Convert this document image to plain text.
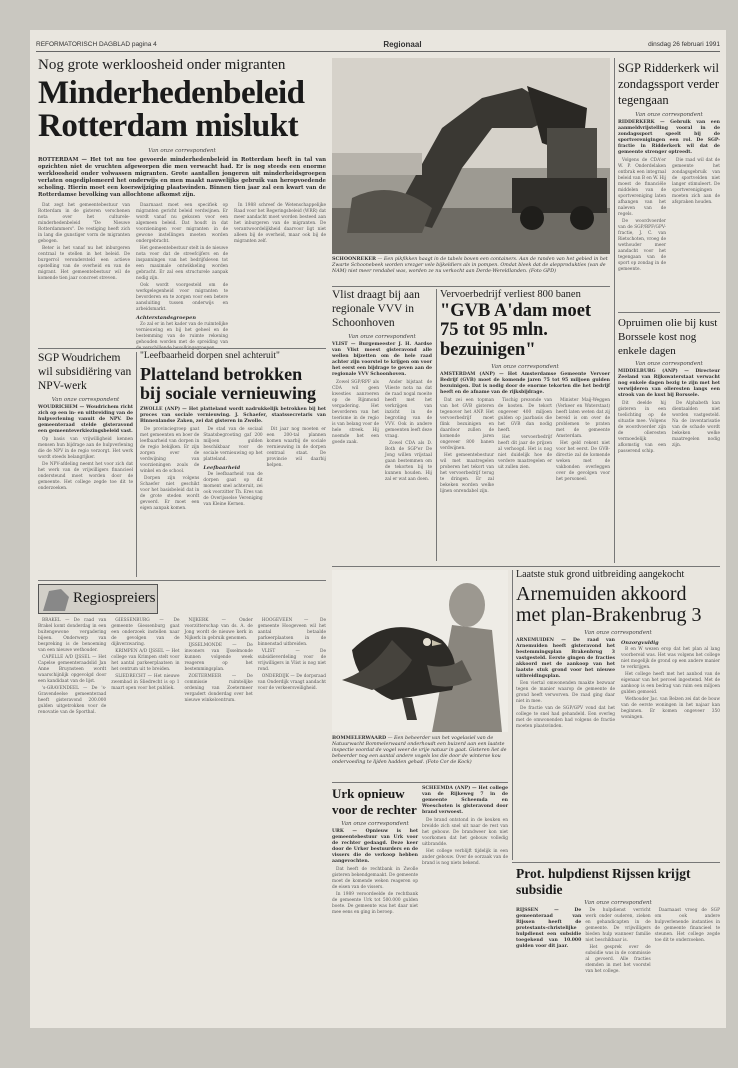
REFORMATORISCH DAGBLAD pagina 4	Regionaal	dinsdag 26 februari 1991
Nog grote werkloosheid onder migranten
Minderhedenbeleid
Rotterdam mislukt
Van onze correspondent
ROTTERDAM — Het tot nu toe gevoerde minderhedenbeleid in Rotterdam heeft in tal van opzichten niet de vruchten afgeworpen die men verwacht had. Er is nog steeds een enorme werkloosheid onder volwassen migranten. Grote aantallen jongeren uit minderheidsgroepen verlaten ongediplomeerd het onderwijs en men maakt nauwelijks gebruik van heropvoedende scholing. Hierin moet een koerswijziging plaatsvinden. Binnen tien jaar zal een kwart van de Rotterdamse bevolking van allochtone afkomst zijn.

Dat zegt het gemeentebestuur van Rotterdam in de gisteren verschenen nota over het culturele-minderhedenbeleid "De Nieuwe Rotterdammers". De vestiging heeft zich in lang die gunstiger vorm de migranten gebogen.

Beter is het vanaf nu het inburgeren centraal te stellen in het beleid. De burgerrol verondersteld een actieve opstelling van de overheid en van de migrant. Het gemeentebestuur wil de komende tien jaar concreet streven.

Daarnaast moet een specifiek op migranten gericht beleid verdwijnen. Er wordt vanaf nu gekozen voor een algemeen beleid. Dat houdt in dat voorzieningen voor migranten in de gewone instellingen moeten worden ondergebracht.

Het gemeentebestuur stelt in de nieuwe nota voor dat de streefcijfers en de inspanningen van het bedrijfsleven tot een maximale ontwikkeling worden gebracht. Er zal een structurele aanpak nodig zijn.

Ook wordt voorgesteld om de werkgelegenheid voor migranten te bevorderen en te zorgen voor een betere aansluiting tussen onderwijs en arbeidsmarkt.

Achterstandsgroepen

Zo zal er in het kader van de ruimtelijke vernieuwing en bij het geheel en de bestemming van de ruimte rekening gehouden worden met de spreiding van

In 1988 schreef de Wetenschappelijke Raad voor het Regeringsbeleid (WRR) dat meer aandacht moet worden besteed aan het inburgeren van de migranten. De verantwoordelijkheid daarvoor ligt niet alleen bij de overheid, maar ook bij de migranten zelf.

SCHOONREKER — Een pikfikken haagt in de tabels boven een containers. Aan de randen van het gebied in het Zwarte Schoonebeek worden vrezger vele bijkeldiers als in pompen. Omdat bleek dat de alepprodukties (van de NAM) niet meer rendabel was, worden ze nu verkocht aan Derde-Wereldlanden. (Foto GPD)
SGP Ridderkerk wil zondagssport verder tegengaan
Van onze correspondent
RIDDERKERK — Gebruik van een aanmeldvrijstelling vooral in de zondagssport speelt bij de sportverenigingen een rol. De SGP-fractie in Ridderkerk wil dat de gemeente strenger optreedt.

Volgens de CDA'er W. P. Onderdelaken ontbrak een integraal beleid van B en W. Hij moest de financiële middelen van de sportvereniging laten afhangen van het naleven van de regels.

De woordvoerder van de SGP/RPF/GPV-fractie, J. C. van Rietschoten, vroeg de wethouder meer aandacht voor het tegengaan van de sport op zondag in de gemeente.

Die raad wil dat de gemeente het zondagsgebruik van de sportvelden niet langer stimuleert. De sportverenigingen moeten zich aan de afspraken houden.

Opruimen olie bij kust Borssele kost nog enkele dagen
Van onze correspondent
MIDDELBURG (ANP) — Directeur Zeeland van Rijkswaterstaat verwacht nog enkele dagen bezig te zijn met het verwijderen van olieresten langs een strook van de kust bij Borssele.

Dit deelde hij gisteren in een toelichting op de situatie mee. Volgens de woordvoerder zijn de olieresten vermoedelijk afkomstig van een passerend schip.

De Alphabeth kan dientaalden niet worden vastgesteld. Na de inventarisatie van de schade wordt bekeken welke maatregelen nodig zijn.

Vlist draagt bij aan regionale VVV in Schoonhoven
Van onze correspondent
VLIST — Burgemeester J. H. Aardse van Vlist moest gisteravond alle wellen bijzetten om de hele raad achter zijn voorstel te krijgen om voor het eerst een bijdrage te geven aan de regionale VVV Schoonhoven.

Zowel SGP/RPF als CDA wil geen kwesties aanroeren op de Rijnmond vergadering. Het bevorderen van het toerisme in de regio is van belang voor de hele streek. Hij noemde het een goede zaak.

Ander bijstaat de Vlieste nota na dat de raad nogal moeite heeft met het verkrijgen van inzicht in de begroting van de VVV. Ook in andere gemeenten leeft deze vraag.

Zowel CDA als D. Both de SGP'er De Jong willen vrijstaal gaan bestemmen om de tekorten bij te kunnen houden. Hij zal er wat aan doen.

Vervoerbedrijf verliest 800 banen
"GVB A'dam moet 75 tot 95 mln. bezuinigen"
Van onze correspondent
AMSTERDAM (ANP) — Het Amsterdamse Gemeente Vervoer Bedrijf (GVB) moet de komende jaren 75 tot 95 miljoen gulden bezuinigen. Dat is nodig door de enorme tekorten die het bedrijf heeft en de afname van de rijksbijdrage.

Dat zei een topman van het GVB gisteren tegenover het ANP. Het vervoerbedrijf moet flink bezuinigen en daardoor zullen de komende jaren ongeveer 800 banen verdwijnen.

Het gemeentebestuur wil met maatregelen proberen het tekort van het vervoerbedrijf terug te dringen. Er zal bekeken worden welke lijnen onrendabel zijn.

Tischig prezonde van de kosten. De tekort ongeveer 400 miljoen gulden op jaarbasis die het GVB dan nodig heeft.

Het vervoerbedrijf heeft dit jaar de prijzen al verhoogd. Het is nog niet duidelijk hoe de verdere maatregelen er uit zullen zien.

Minister Maij-Weggen (Verkeer en Waterstaat) heeft laten weten dat zij bereid is om over de problemen te praten met de gemeente Amsterdam.

Het geld rekent niet voor het eerst. De GVB-directie zal de komende weken met de vakbonden overleggen over de gevolgen voor het personeel.

SGP Woudrichem wil subsidiëring van NPV-werk
Van onze correspondent
WOUDRICHEM — Woudrichem richt zich op een in- en uitbreiding van de hulpverlening vanuit de NPV. De gemeenteraad stelde gisteravond een gemeenteverkiezingsbeleid vast.

Op basis van vrijwilligheid kennen mensen hun bijdrage aan de hulpverlening die de NPV in de regio verzorgt. Het werk wordt steeds belangrijker.

De NPV-afdeling neemt het voor zich dat het werk van de vrijwilligers financieel ondersteund moet worden door de gemeente. Het college zegde toe dit te onderzoeken.

"Leefbaarheid dorpen snel achteruit"
Platteland betrokken bij sociale vernieuwing
ZWOLLE (ANP) — Het platteland wordt nadrukkelijk betrokken bij het proces van sociale vernieuwing. J. Schaefer, staatssecretaris van Binnenlandse Zaken, zei dat gisteren in Zwolle.

De provinciegroep gaat met gemeenten en boer de leefbaarheid van dorpen in de regio bekijken. Er zijn zorgen over de verdwijning van voorzieningen zoals de winkel en de school.

Dorpen zijn volgens Schaefer niet geschikt voor het basisbeleid dat in de grote steden wordt gevoerd. Er moet een eigen aanpak komen.

De stad van de sociaal Staatsbegrooting gaf 200 miljoen gulden beschikbaar voor de sociale vernieuwing op het platteland.

Leefbaarheid

De leefbaarheid van de dorpen gaat op dit moment snel achteruit, zei ook voorzitter Th. Eres van de Overijsselse Vereniging van Kleine Kernen.

Dit jaar nog moeten er een 200-tal plannen komen waarbij de sociale vernieuwing in de dorpen centraal staat. De provincie wil daarbij helpen.

Regiospreiers

BRAKEL — De raad van Brakel komt donderdag in een buitengewone vergadering bijeen. Onderwerp van bespreking is de benoeming van een nieuwe wethouder.

CAPELLE A/D IJSSEL — Het Capelse gemeenteraadslid Jan Anne Bruynsteen wordt waarschijnlijk opgevolgd door een kandidaat van de lijst.

's-GRAVENDEEL — De 's-Gravendeelse gemeenteraad heeft gisteravond 200.000 gulden uitgetrokken voor de renovatie van de Sporthal.

GIESSENBURG — De gemeente Giessenburg gaat een onderzoek instellen naar de gevolgen van de dijkverzwaring.

KRIMPEN A/D IJSSEL — Het college van Krimpen stelt voor het aantal parkeerplaatsen in het centrum uit te breiden.

SLIEDRECHT — Het nieuwe zwembad in Sliedrecht is op 1 maart open voor het publiek.

NIJKERK — Onder voorzitterschap van ds. A. de Jong wordt de nieuwe kerk in Nijkerk in gebruik genomen.

IJSSELMONDE — De inwoners van IJsselmonde kunnen volgende week reageren op het bestemmingsplan.

ZOETERMEER — De commissie ruimtelijke ordening van Zoetermeer vergadert donderdag over het nieuwe winkelcentrum.

HOOGEVEEN — De gemeente Hoogeveen wil het aantal betaalde parkeerplaatsen in de binnenstad uitbreiden.

VLIST — De subsidieverdeling voor de vrijwilligers in Vlist is nog niet rond.

ONDERDIJK — De dorpsraad van Onderdijk vraagt aandacht voor de verkeersveiligheid.

BOMMELERWAARD — Een beheerder van het vogelasiel van de Natuurwacht Bommelerwaard onderhoudt een buizerd aan een laatste inspectie voordat de vogel weer de vrije natuur in gaat. Gisteren liet de beheerder nog een aantal andere vogels los die door de winterse kou ondervoeding te lijden hadden gehad. (Foto Cor de Kock)
Urk opnieuw voor de rechter
Van onze correspondent
URK — Opnieuw is het gemeentebestuur van Urk voor de rechter gedaagd. Deze keer door de Urker bestuurders en de vissers die de verkoop hebben aangevochten.

Dat heeft de rechtbank in Zwolle gisteren bekendgemaakt. De gemeente moet de komende weken reageren op de eisen van de vissers.

In 1989 veroordeelde de rechtbank de gemeente Urk tot 500.000 gulden boete. De gemeente was het daar niet mee eens en ging in beroep.

SCHEEMDA (ANP) — Het college van de Rijkeweg 7 in de gemeente Scheemda en Woeschoten is gisteravond door brand verwoest.

De brand ontstond in de keuken en breidde zich snel uit naar de rest van het gebouw. De brandweer kon niet voorkomen dat het gebouw volledig uitbrandde.

Het college verblijft tijdelijk in een ander gebouw. Over de oorzaak van de brand is nog niets bekend.

Laatste stuk grond uitbreiding aangekocht
Arnemuiden akkoord met plan-Brakenbrug 3
Van onze correspondent

ARNEMUIDEN — De raad van Arnemuiden heeft gisteravond het bestemmingsplan Brakenbrug 3 vastgesteld. Eerste gingen de fracties akkoord met de aankoop van het laatste stuk grond voor het nieuwe uitbreidingsplan.

Een viertal omwonenden maakte bezwaar tegen de manier waarop de gemeente de grond heeft verworven. De raad ging daar niet in mee.

De fractie van de SGP/GPV vond dat het college te snel had gehandeld. Een overleg met de omwonenden had volgens de fractie moeten plaatsvinden.

Onzorgvuldig

B en W wezen erop dat het plan al lang voorbereid was. Het was volgens het college niet mogelijk de grond op een andere manier te verkrijgen.

Het college heeft met het aanbod van de eigenaar van het perceel ingestemd. Met de aankoop is een bedrag van ruim een miljoen gulden gemoeid.

Wethouder Jac. van Belzen zei dat de bouw van de eerste woningen in het najaar kan beginnen. Er komen ongeveer 350 woningen.

Prot. hulpdienst Rijssen krijgt subsidie
Van onze correspondent

RIJSSEN — De gemeenteraad van Rijssen heeft de protestants-christelijke hulpdienst een subsidie toegekend van 10.000 gulden voor dit jaar.

De hulpdienst verricht werk onder ouderen, zieken en gehandicapten in de gemeente. De vrijwilligers bieden hulp wanneer familie niet beschikbaar is.

Het gesprek over de subsidie was in de commissie al gevoerd. Alle fracties stemden in met het voorstel van het college.

Daarnaast vroeg de SGP om ook andere hulpverlenende instanties in de gemeente financieel te steunen. Het college zegde toe dit te onderzoeken.
